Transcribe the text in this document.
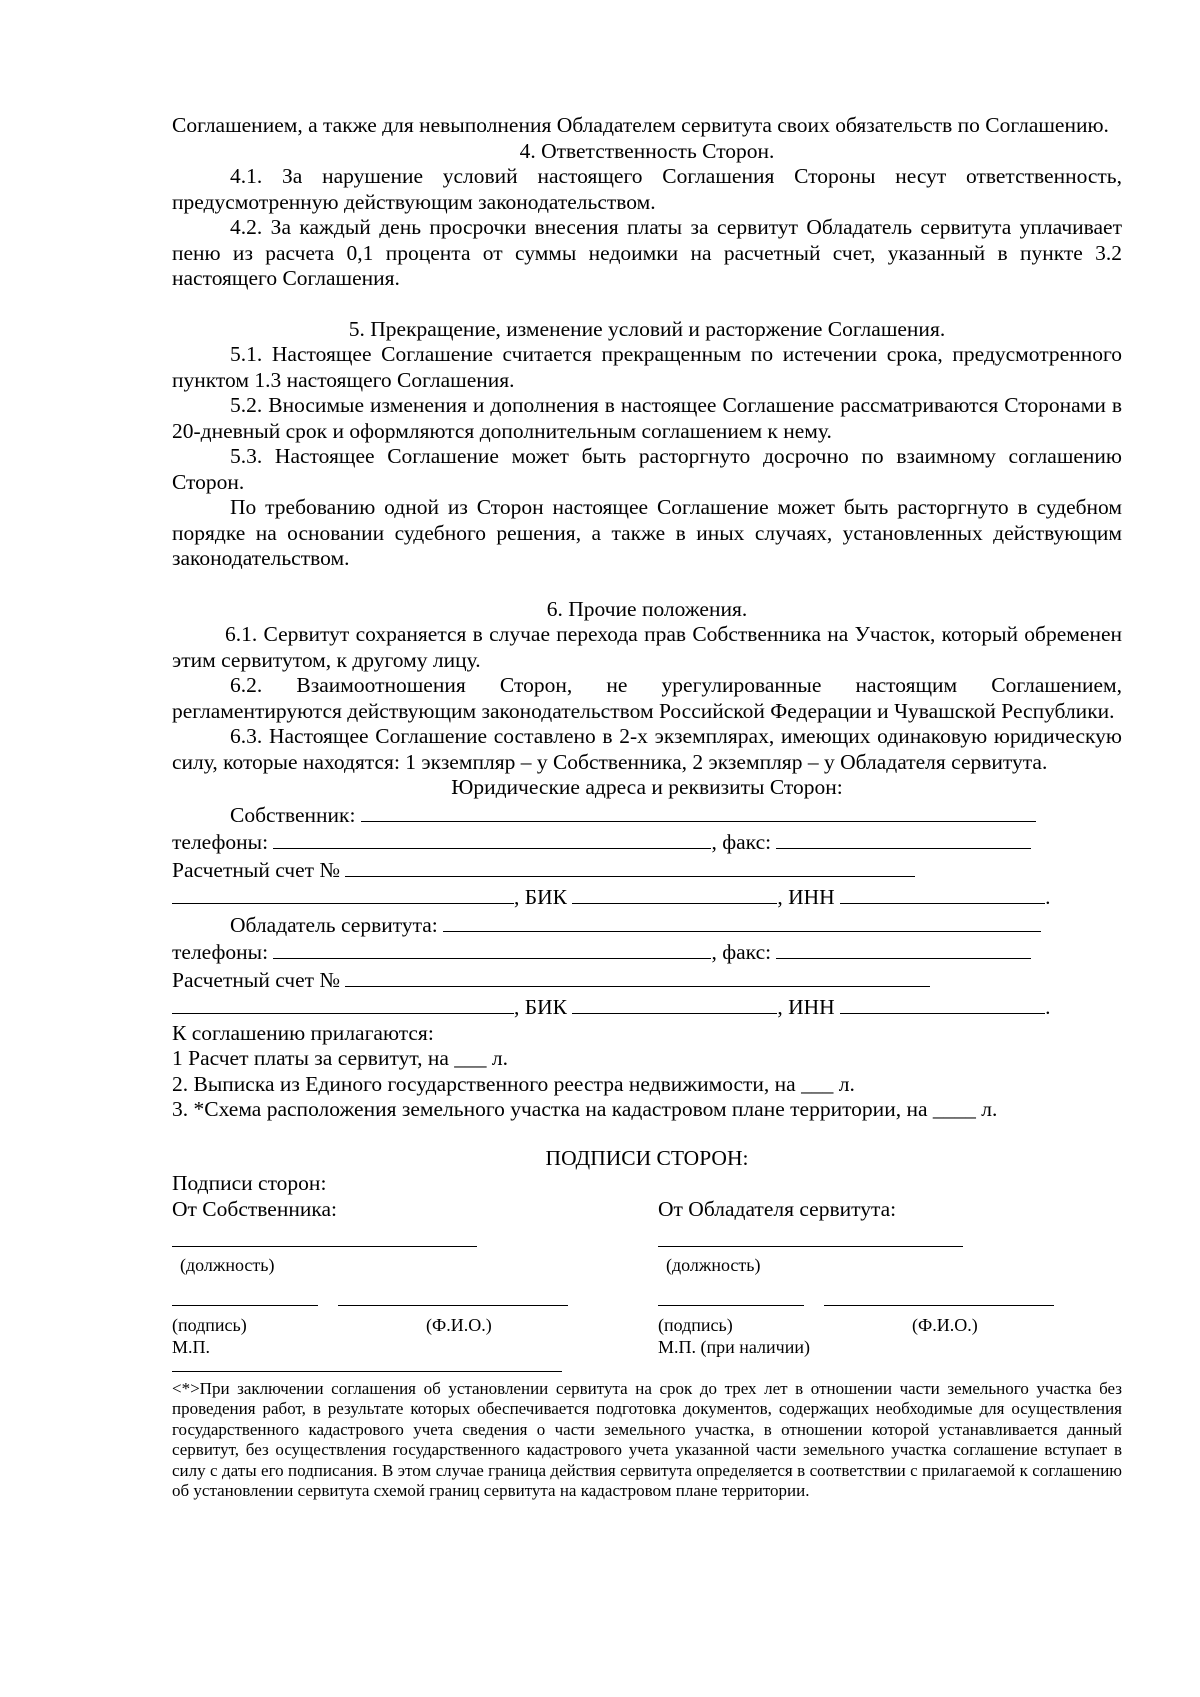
Соглашением, а также для невыполнения Обладателем сервитута своих обязательств по Соглашению.

4. Ответственность Сторон.

4.1. За нарушение условий настоящего Соглашения Стороны несут ответственность, предусмотренную действующим законодательством.

4.2. За каждый день просрочки внесения платы за сервитут Обладатель сервитута уплачивает пеню из расчета 0,1 процента от суммы недоимки на расчетный счет, указанный в пункте 3.2 настоящего Соглашения.

5. Прекращение, изменение условий и расторжение Соглашения.

5.1. Настоящее Соглашение считается прекращенным по истечении срока, предусмотренного пунктом 1.3 настоящего Соглашения.

5.2. Вносимые изменения и дополнения в настоящее Соглашение рассматриваются Сторонами в 20-дневный срок и оформляются дополнительным соглашением к нему.

5.3. Настоящее Соглашение может быть расторгнуто досрочно по взаимному соглашению Сторон.

По требованию одной из Сторон настоящее Соглашение может быть расторгнуто в судебном порядке на основании судебного решения, а также в иных случаях, установленных действующим законодательством.

6. Прочие положения.

6.1. Сервитут сохраняется в случае перехода прав Собственника на Участок, который обременен этим сервитутом, к другому лицу.

6.2. Взаимоотношения Сторон, не урегулированные настоящим Соглашением, регламентируются действующим законодательством Российской Федерации и Чувашской Республики.

6.3. Настоящее Соглашение составлено в 2-х экземплярах, имеющих одинаковую юридическую силу, которые находятся: 1 экземпляр – у Собственника, 2 экземпляр – у Обладателя сервитута.

Юридические адреса и реквизиты Сторон:

Собственник:
телефоны:	, факс:
Расчетный счет №
, БИК	, ИНН	.
Обладатель сервитута:
телефоны:	, факс:
Расчетный счет №
, БИК	, ИНН	.

К соглашению прилагаются:

1 Расчет платы за сервитут, на ___ л.

2. Выписка из Единого государственного реестра недвижимости, на ___ л.

3. *Схема расположения земельного участка на кадастровом плане территории, на ____ л.

ПОДПИСИ СТОРОН:

Подписи сторон:

От Собственника:	От Обладателя сервитута:
(должность)	(должность)
(подпись)	(Ф.И.О.)	(подпись)	(Ф.И.О.)
М.П.	М.П. (при наличии)

<*>При заключении соглашения об установлении сервитута на срок до трех лет в отношении части земельного участка без проведения работ, в результате которых обеспечивается подготовка документов, содержащих необходимые для осуществления государственного кадастрового учета сведения о части земельного участка, в отношении которой устанавливается данный сервитут, без осуществления государственного кадастрового учета указанной части земельного участка соглашение вступает в силу с даты его подписания. В этом случае граница действия сервитута определяется в соответствии с прилагаемой к соглашению об установлении сервитута схемой границ сервитута на кадастровом плане территории.
